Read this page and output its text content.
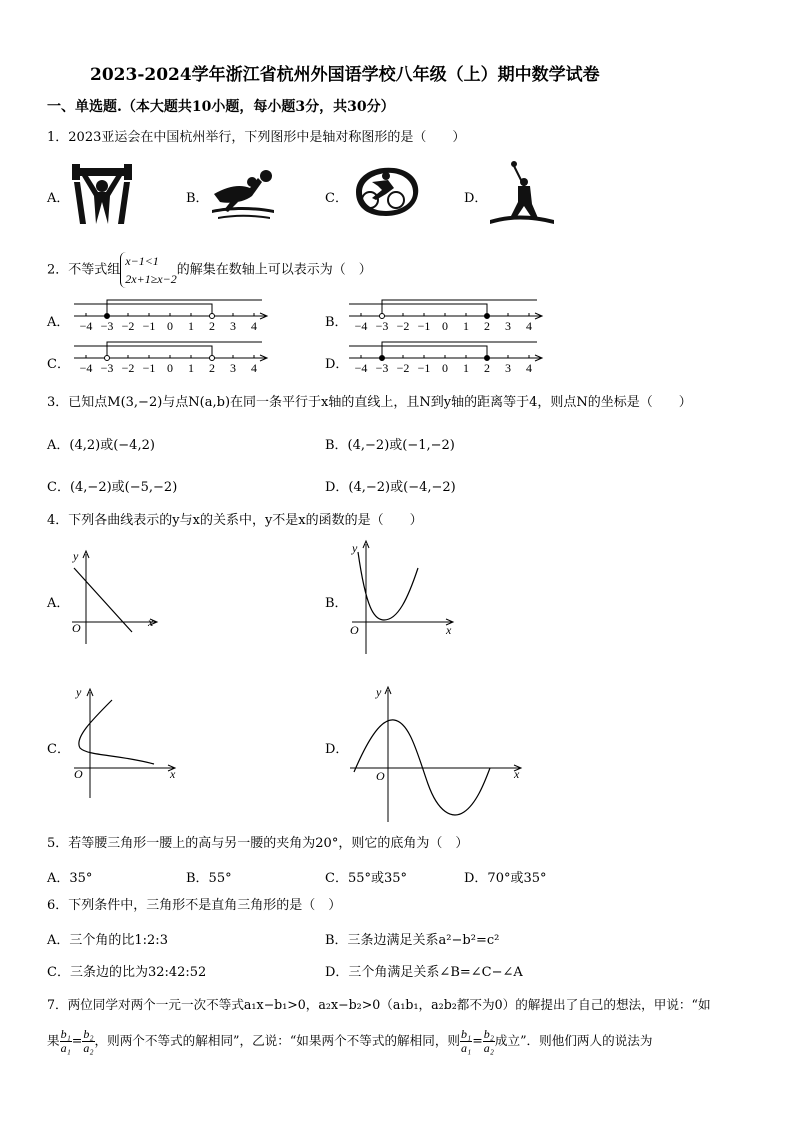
2023-2024学年浙江省杭州外国语学校八年级（上）期中数学试卷
一、单选题.（本大题共10小题，每小题3分，共30分）
1．2023亚运会在中国杭州举行，下列图形中是轴对称图形的是（　　）
A．	B．	C．	D．
2．不等式组
x−1<1
2x+1≥x−2
的解集在数轴上可以表示为（　）
A． −4 −3 −2 −1 0 1 2 3 4	B． −4 −3 −2 −1 0 1 2 3 4
C． −4 −3 −2 −1 0 1 2 3 4	D． −4 −3 −2 −1 0 1 2 3 4
3．已知点M(3,−2)与点N(a,b)在同一条平行于x轴的直线上，且N到y轴的距离等于4，则点N的坐标是（　　）
A．(4,2)或(−4,2)	B．(4,−2)或(−1,−2)
C．(4,−2)或(−5,−2)	D．(4,−2)或(−4,−2)
4．下列各曲线表示的y与x的关系中，y不是x的函数的是（　　）
A．
y
x
O
B．
y
x
O
C．
y
x
O
D．
y
x
O
5．若等腰三角形一腰上的高与另一腰的夹角为20°，则它的底角为（　）
A．35°	B．55°	C．55°或35°	D．70°或35°
6．下列条件中，三角形不是直角三角形的是（　）
A．三个角的比1:2:3	B．三条边满足关系a²−b²=c²
C．三条边的比为32:42:52	D．三个角满足关系∠B=∠C−∠A
7．两位同学对两个一元一次不等式a₁x−b₁>0，a₂x−b₂>0（a₁b₁，a₂b₂都不为0）的解提出了自己的想法，甲说：“如
果 $\frac{\text{b₁}}{\text{a₁}} = \frac{\text{b₂}}{\text{a₂}}$ ，则两个不等式的解相同”，乙说：“如果两个不等式的解相同，则 $\frac{\text{b₁}}{\text{a₁}} = \frac{\text{b₂}}{\text{a₂}}$ 成立”．则他们两人的说法为
